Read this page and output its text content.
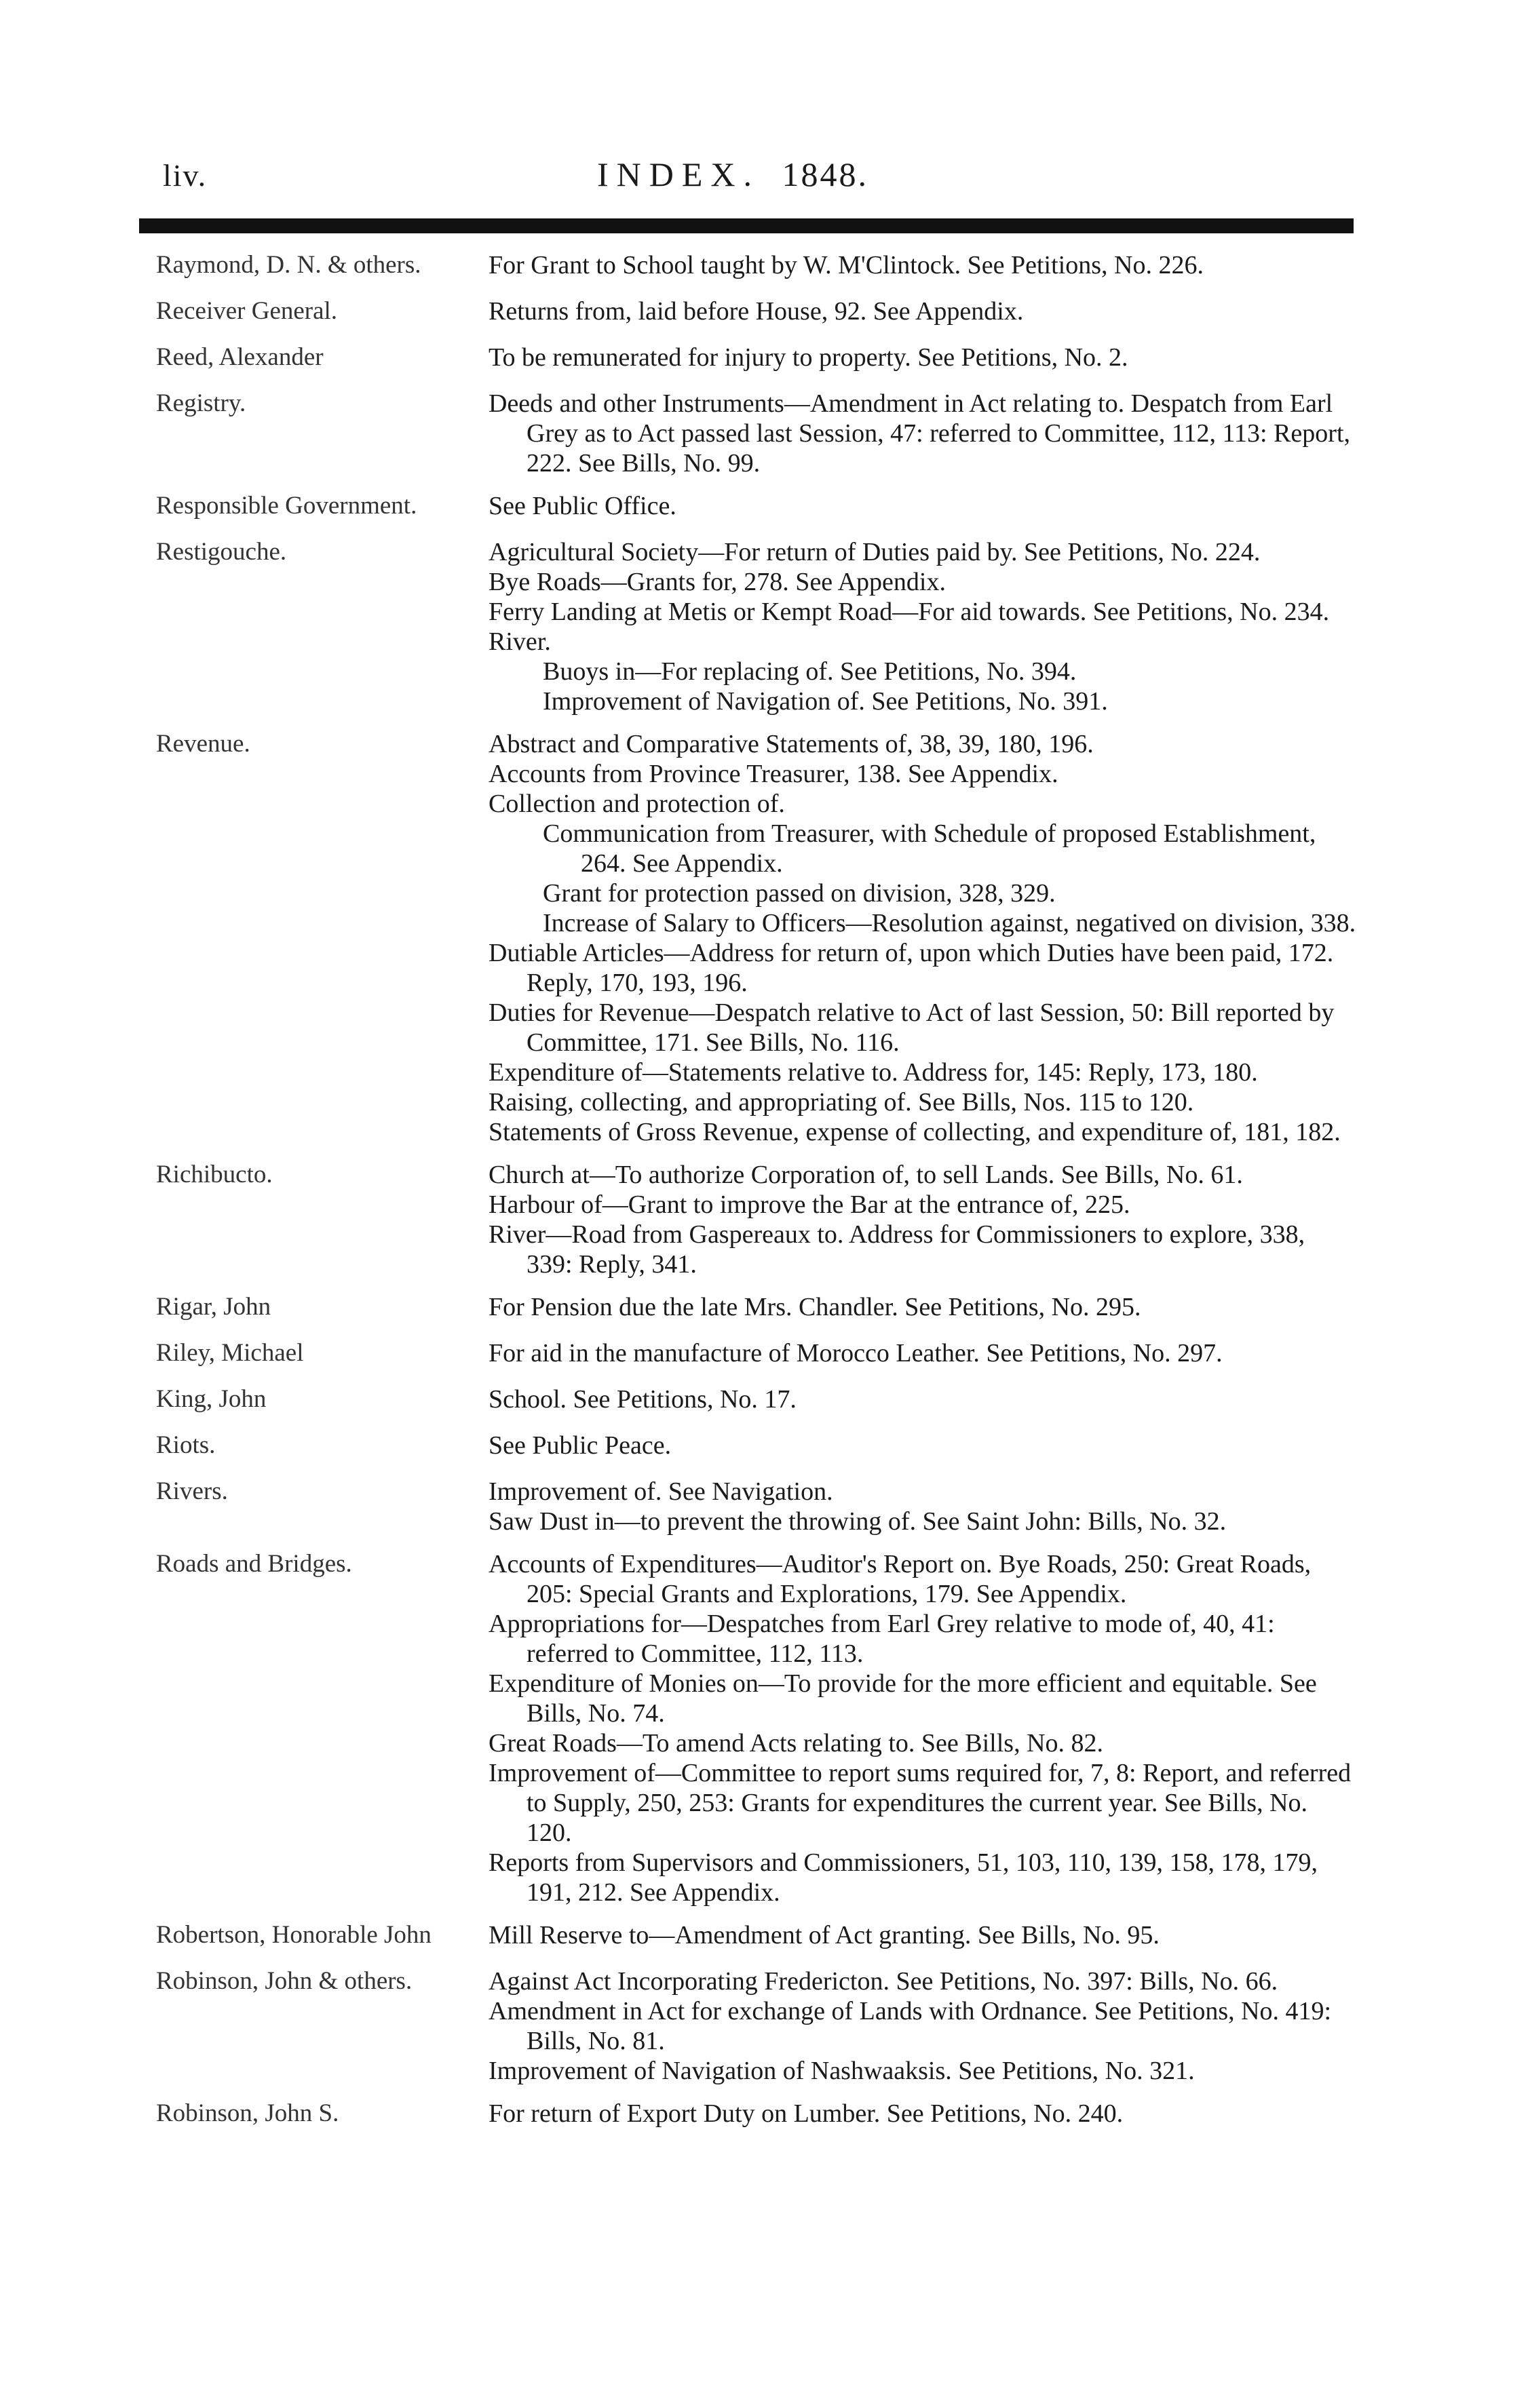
liv.	INDEX. 1848.
Raymond, D. N. & others.	For Grant to School taught by W. M'Clintock. See Petitions, No. 226.
Receiver General.	Returns from, laid before House, 92. See Appendix.
Reed, Alexander	To be remunerated for injury to property. See Petitions, No. 2.
Registry.	Deeds and other Instruments—Amendment in Act relating to. Despatch from Earl Grey as to Act passed last Session, 47: referred to Committee, 112, 113: Report, 222. See Bills, No. 99.
Responsible Government.	See Public Office.
Restigouche.	Agricultural Society—For return of Duties paid by. See Petitions, No. 224.
Bye Roads—Grants for, 278. See Appendix.
Ferry Landing at Metis or Kempt Road—For aid towards. See Petitions, No. 234.
River.
Buoys in—For replacing of. See Petitions, No. 394.
Improvement of Navigation of. See Petitions, No. 391.
Revenue.	Abstract and Comparative Statements of, 38, 39, 180, 196.
Accounts from Province Treasurer, 138. See Appendix.
Collection and protection of.
Communication from Treasurer, with Schedule of proposed Establishment, 264. See Appendix.
Grant for protection passed on division, 328, 329.
Increase of Salary to Officers—Resolution against, negatived on division, 338.
Dutiable Articles—Address for return of, upon which Duties have been paid, 172. Reply, 170, 193, 196.
Duties for Revenue—Despatch relative to Act of last Session, 50: Bill reported by Committee, 171. See Bills, No. 116.
Expenditure of—Statements relative to. Address for, 145: Reply, 173, 180.
Raising, collecting, and appropriating of. See Bills, Nos. 115 to 120.
Statements of Gross Revenue, expense of collecting, and expenditure of, 181, 182.
Richibucto.	Church at—To authorize Corporation of, to sell Lands. See Bills, No. 61.
Harbour of—Grant to improve the Bar at the entrance of, 225.
River—Road from Gaspereaux to. Address for Commissioners to explore, 338, 339: Reply, 341.
Rigar, John	For Pension due the late Mrs. Chandler. See Petitions, No. 295.
Riley, Michael	For aid in the manufacture of Morocco Leather. See Petitions, No. 297.
King, John	School. See Petitions, No. 17.
Riots.	See Public Peace.
Rivers.	Improvement of. See Navigation.
Saw Dust in—to prevent the throwing of. See Saint John: Bills, No. 32.
Roads and Bridges.	Accounts of Expenditures—Auditor's Report on. Bye Roads, 250: Great Roads, 205: Special Grants and Explorations, 179. See Appendix.
Appropriations for—Despatches from Earl Grey relative to mode of, 40, 41: referred to Committee, 112, 113.
Expenditure of Monies on—To provide for the more efficient and equitable. See Bills, No. 74.
Great Roads—To amend Acts relating to. See Bills, No. 82.
Improvement of—Committee to report sums required for, 7, 8: Report, and referred to Supply, 250, 253: Grants for expenditures the current year. See Bills, No. 120.
Reports from Supervisors and Commissioners, 51, 103, 110, 139, 158, 178, 179, 191, 212. See Appendix.
Robertson, Honorable John	Mill Reserve to—Amendment of Act granting. See Bills, No. 95.
Robinson, John & others.	Against Act Incorporating Fredericton. See Petitions, No. 397: Bills, No. 66.
Amendment in Act for exchange of Lands with Ordnance. See Petitions, No. 419: Bills, No. 81.
Improvement of Navigation of Nashwaaksis. See Petitions, No. 321.
Robinson, John S.	For return of Export Duty on Lumber. See Petitions, No. 240.
